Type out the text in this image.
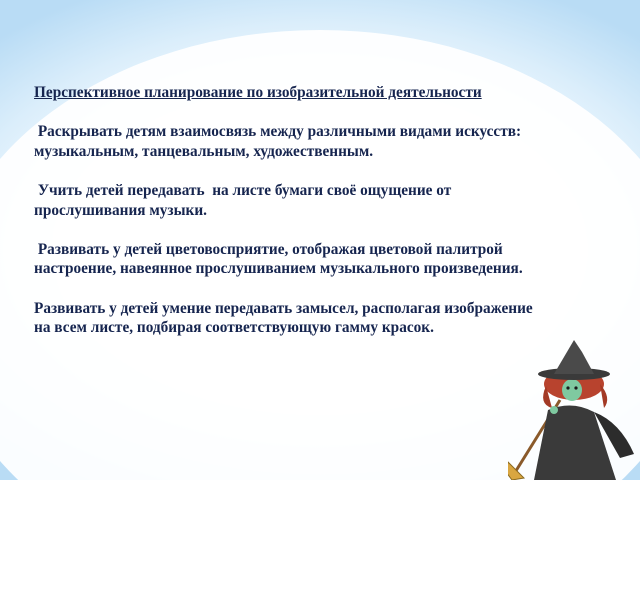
Перспективное планирование по изобразительной деятельности

Раскрывать детям взаимосвязь между различными видами искусств: музыкальным, танцевальным, художественным.

Учить детей передавать  на листе бумаги своё ощущение от прослушивания музыки.

Развивать у детей цветовосприятие, отображая цветовой палитрой настроение, навеянное прослушиванием музыкального произведения.

Развивать у детей умение передавать замысел, располагая изображение на всем листе, подбирая соответствующую гамму красок.
